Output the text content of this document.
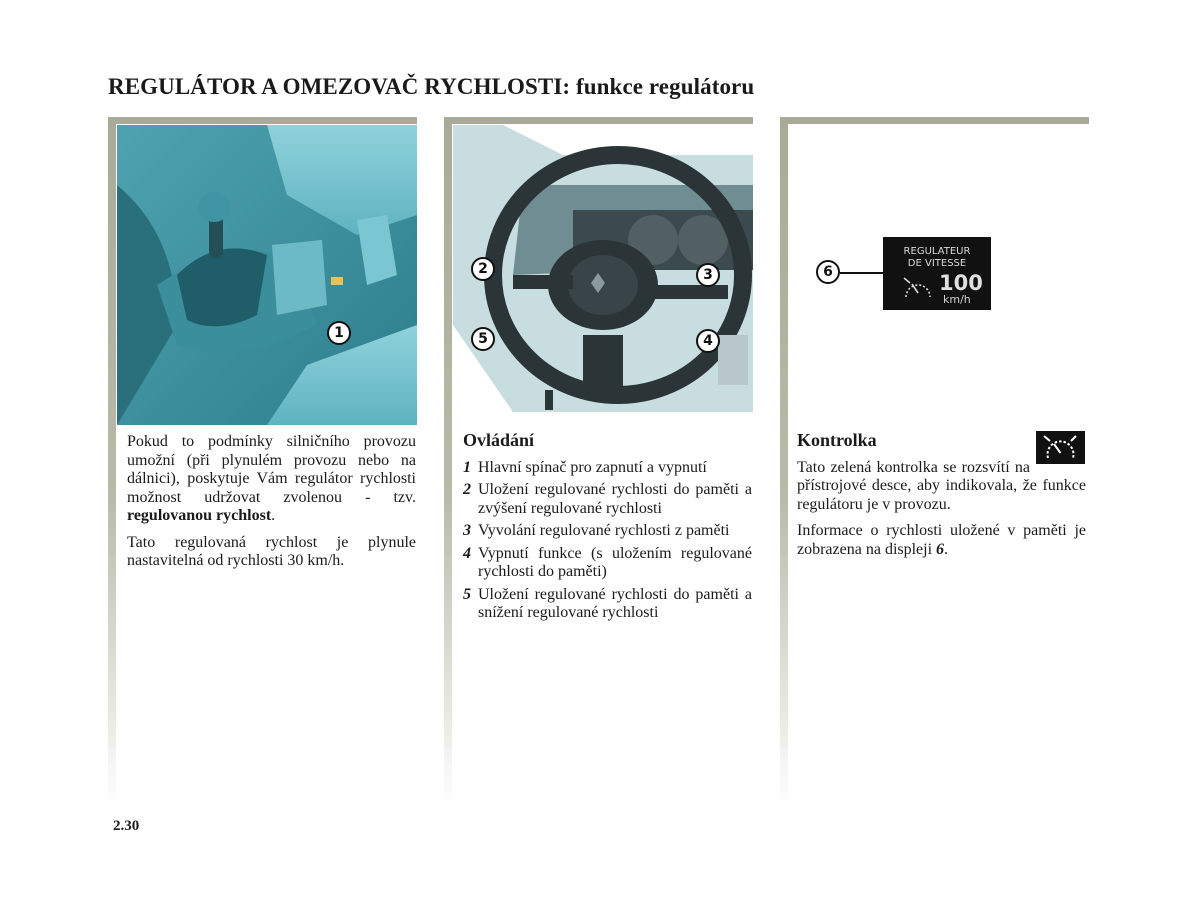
REGULÁTOR A OMEZOVAČ RYCHLOSTI: funkce regulátoru
1
2	3
5	4
6
REGULATEUR
DE VITESSE
100
km/h

Pokud to podmínky silničního provozu umožní (při plynulém provozu nebo na dálnici), poskytuje Vám regulátor rychlosti možnost udržovat zvolenou - tzv. regulovanou rychlost.

Tato regulovaná rychlost je plynule nastavitelná od rychlosti 30 km/h.

Ovládání
1 Hlavní spínač pro zapnutí a vypnutí
2 Uložení regulované rychlosti do paměti a zvýšení regulované rychlosti
3 Vyvolání regulované rychlosti z paměti
4 Vypnutí funkce (s uložením regulované rychlosti do paměti)
5 Uložení regulované rychlosti do paměti a snížení regulované rychlosti
Kontrolka

Tato zelená kontrolka se rozsvítí na přístrojové desce, aby indikovala, že funkce regulátoru je v provozu.

Informace o rychlosti uložené v paměti je zobrazena na displeji 6.

2.30
